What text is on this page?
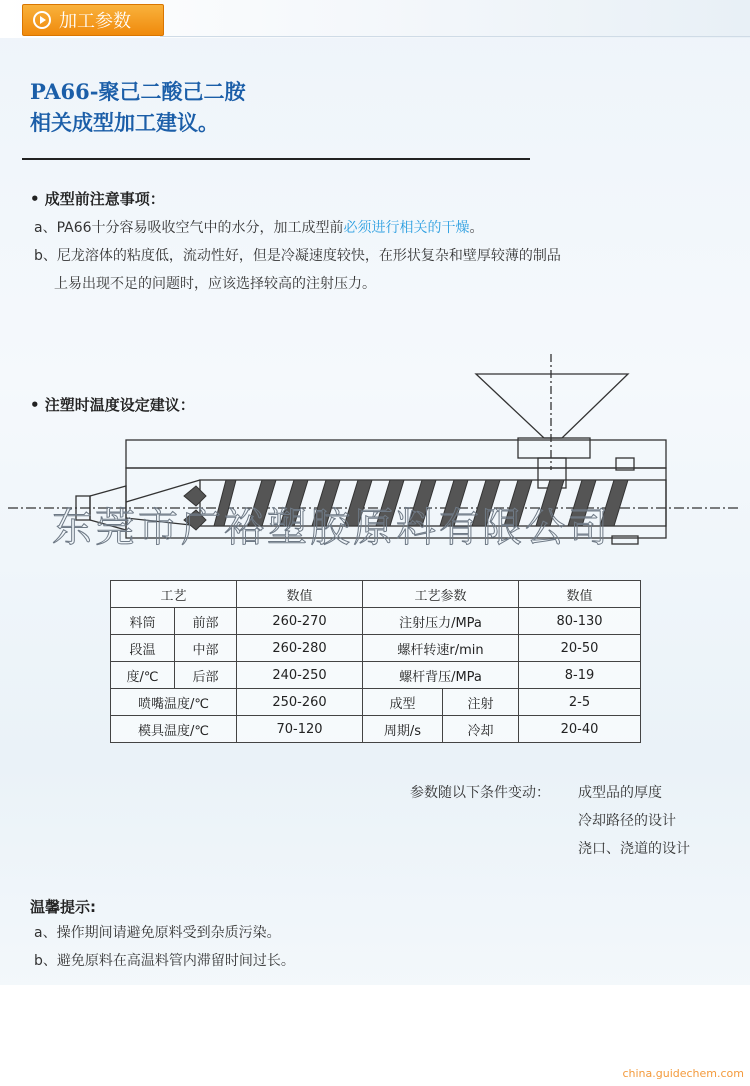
加工参数
PA66-聚己二酸己二胺
相关成型加工建议。
• 成型前注意事项：
a、PA66十分容易吸收空气中的水分，加工成型前必须进行相关的干燥。
b、尼龙溶体的粘度低，流动性好，但是冷凝速度较快，在形状复杂和壁厚较薄的制品
上易出现不足的问题时，应该选择较高的注射压力。
• 注塑时温度设定建议：
东莞市广裕塑胶原料有限公司
工艺		数值	工艺参数		数值
料筒	前部	260-270	注射压力/MPa		80-130
段温	中部	260-280	螺杆转速r/min		20-50
度/℃	后部	240-250	螺杆背压/MPa		8-19
喷嘴温度/℃		250-260	成型	注射	2-5
模具温度/℃		70-120	周期/s	冷却	20-40
参数随以下条件变动： 成型品的厚度
冷却路径的设计
浇口、浇道的设计
温馨提示:
a、操作期间请避免原料受到杂质污染。
b、避免原料在高温料管内滞留时间过长。
china.guidechem.com
